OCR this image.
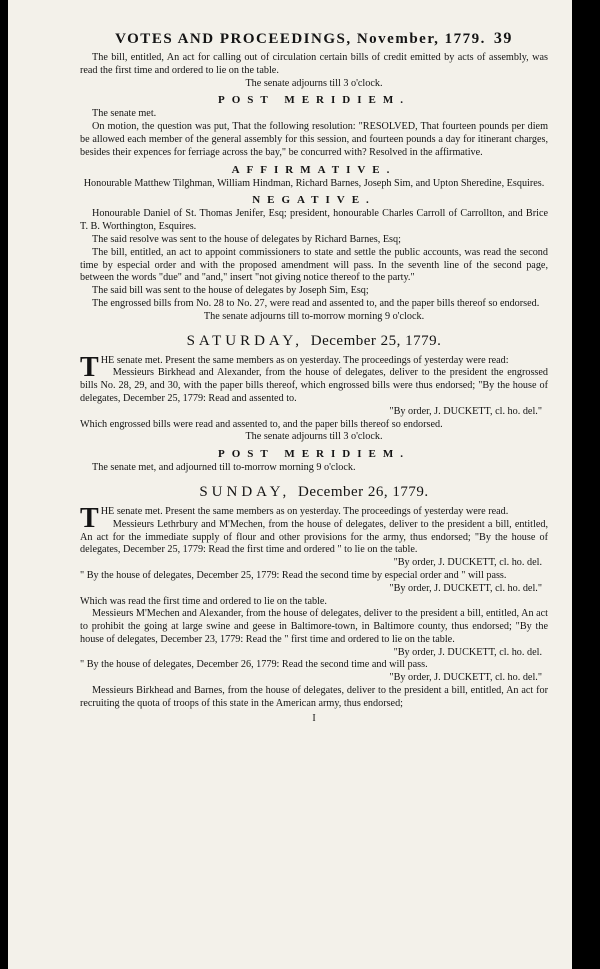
VOTES AND PROCEEDINGS, November, 1779. 39

The bill, entitled, An act for calling out of circulation certain bills of credit emitted by acts of assembly, was read the first time and ordered to lie on the table.

The senate adjourns till 3 o'clock.

POST MERIDIEM.

The senate met.

On motion, the question was put, That the following resolution: "RESOLVED, That fourteen pounds per diem be allowed each member of the general assembly for this session, and fourteen pounds a day for itinerant charges, besides their expences for ferriage across the bay," be concurred with? Resolved in the affirmative.

AFFIRMATIVE.

Honourable Matthew Tilghman, William Hindman, Richard Barnes, Joseph Sim, and Upton Sheredine, Esquires.

NEGATIVE.

Honourable Daniel of St. Thomas Jenifer, Esq; president, honourable Charles Carroll of Carrollton, and Brice T. B. Worthington, Esquires.

The said resolve was sent to the house of delegates by Richard Barnes, Esq;

The bill, entitled, an act to appoint commissioners to state and settle the public accounts, was read the second time by especial order and with the proposed amendment will pass. In the seventh line of the second page, between the words "due" and "and," insert "not giving notice thereof to the party."

The said bill was sent to the house of delegates by Joseph Sim, Esq;

The engrossed bills from No. 28 to No. 27, were read and assented to, and the paper bills thereof so endorsed.

The senate adjourns till to-morrow morning 9 o'clock.

SATURDAY, December 25, 1779.

THE senate met. Present the same members as on yesterday. The proceedings of yesterday were read:

Messieurs Birkhead and Alexander, from the house of delegates, deliver to the president the engrossed bills No. 28, 29, and 30, with the paper bills thereof, which engrossed bills were thus endorsed; "By the house of delegates, December 25, 1779: Read and assented to.

"By order, J. DUCKETT, cl. ho. del."

Which engrossed bills were read and assented to, and the paper bills thereof so endorsed.

The senate adjourns till 3 o'clock.

POST MERIDIEM.

The senate met, and adjourned till to-morrow morning 9 o'clock.

SUNDAY, December 26, 1779.

THE senate met. Present the same members as on yesterday. The proceedings of yesterday were read.

Messieurs Lethrbury and M'Mechen, from the house of delegates, deliver to the president a bill, entitled, An act for the immediate supply of flour and other provisions for the army, thus endorsed; "By the house of delegates, December 25, 1779: Read the first time and ordered " to lie on the table.

"By order, J. DUCKETT, cl. ho. del.

" By the house of delegates, December 25, 1779: Read the second time by especial order and " will pass.

"By order, J. DUCKETT, cl. ho. del."

Which was read the first time and ordered to lie on the table.

Messieurs M'Mechen and Alexander, from the house of delegates, deliver to the president a bill, entitled, An act to prohibit the going at large swine and geese in Baltimore-town, in Baltimore county, thus endorsed; "By the house of delegates, December 23, 1779: Read the " first time and ordered to lie on the table.

"By order, J. DUCKETT, cl. ho. del.

" By the house of delegates, December 26, 1779: Read the second time and will pass.

"By order, J. DUCKETT, cl. ho. del."

Messieurs Birkhead and Barnes, from the house of delegates, deliver to the president a bill, entitled, An act for recruiting the quota of troops of this state in the American army, thus endorsed;

I
